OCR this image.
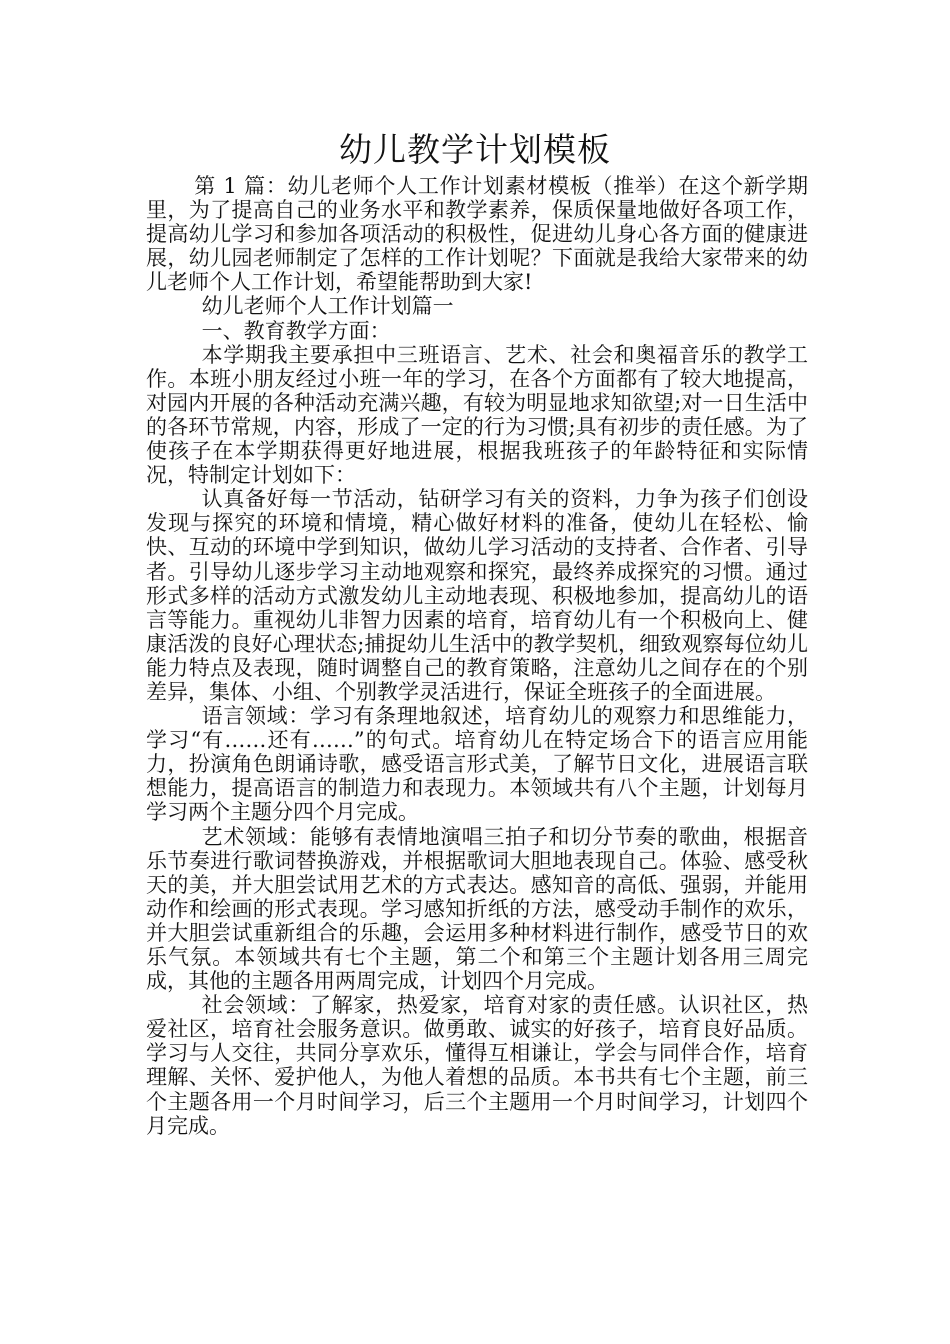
幼儿教学计划模板

第 1 篇：幼儿老师个人工作计划素材模板（推举）在这个新学期里，为了提高自己的业务水平和教学素养，保质保量地做好各项工作，提高幼儿学习和参加各项活动的积极性，促进幼儿身心各方面的健康进展，幼儿园老师制定了怎样的工作计划呢？下面就是我给大家带来的幼儿老师个人工作计划，希望能帮助到大家!

幼儿老师个人工作计划篇一

一、教育教学方面：

本学期我主要承担中三班语言、艺术、社会和奥福音乐的教学工作。本班小朋友经过小班一年的学习，在各个方面都有了较大地提高，对园内开展的各种活动充满兴趣，有较为明显地求知欲望;对一日生活中的各环节常规，内容，形成了一定的行为习惯;具有初步的责任感。为了使孩子在本学期获得更好地进展，根据我班孩子的年龄特征和实际情况，特制定计划如下：

认真备好每一节活动，钻研学习有关的资料，力争为孩子们创设发现与探究的环境和情境，精心做好材料的准备，使幼儿在轻松、愉快、互动的环境中学到知识，做幼儿学习活动的支持者、合作者、引导者。引导幼儿逐步学习主动地观察和探究，最终养成探究的习惯。通过形式多样的活动方式激发幼儿主动地表现、积极地参加，提高幼儿的语言等能力。重视幼儿非智力因素的培育，培育幼儿有一个积极向上、健康活泼的良好心理状态;捕捉幼儿生活中的教学契机，细致观察每位幼儿能力特点及表现，随时调整自己的教育策略，注意幼儿之间存在的个别差异，集体、小组、个别教学灵活进行，保证全班孩子的全面进展。

语言领域：学习有条理地叙述，培育幼儿的观察力和思维能力，学习“有……还有……”的句式。培育幼儿在特定场合下的语言应用能力，扮演角色朗诵诗歌，感受语言形式美，了解节日文化，进展语言联想能力，提高语言的制造力和表现力。本领域共有八个主题，计划每月学习两个主题分四个月完成。

艺术领域：能够有表情地演唱三拍子和切分节奏的歌曲，根据音乐节奏进行歌词替换游戏，并根据歌词大胆地表现自己。体验、感受秋天的美，并大胆尝试用艺术的方式表达。感知音的高低、强弱，并能用动作和绘画的形式表现。学习感知折纸的方法，感受动手制作的欢乐，并大胆尝试重新组合的乐趣，会运用多种材料进行制作，感受节日的欢乐气氛。本领域共有七个主题，第二个和第三个主题计划各用三周完成，其他的主题各用两周完成，计划四个月完成。

社会领域：了解家，热爱家，培育对家的责任感。认识社区，热爱社区，培育社会服务意识。做勇敢、诚实的好孩子，培育良好品质。学习与人交往，共同分享欢乐，懂得互相谦让，学会与同伴合作，培育理解、关怀、爱护他人，为他人着想的品质。本书共有七个主题，前三个主题各用一个月时间学习，后三个主题用一个月时间学习，计划四个月完成。
